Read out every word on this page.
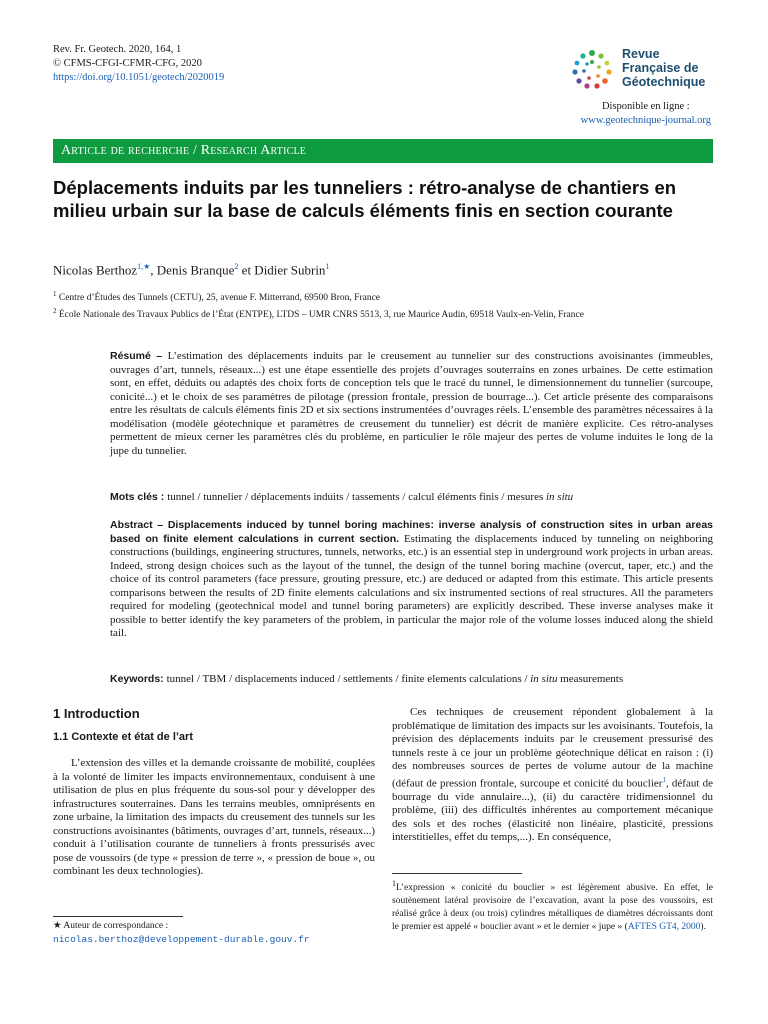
Rev. Fr. Geotech. 2020, 164, 1
© CFMS-CFGI-CFMR-CFG, 2020
https://doi.org/10.1051/geotech/2020019
Revue
Française de
Géotechnique
Disponible en ligne :
www.geotechnique-journal.org
Article de recherche / Research Article
Déplacements induits par les tunneliers : rétro-analyse de chantiers en milieu urbain sur la base de calculs éléments finis en section courante
Nicolas Berthoz$^{1,★}$, Denis Branque$^2$ et Didier Subrin$^1$
$^1$ Centre d’Études des Tunnels (CETU), 25, avenue F. Mitterrand, 69500 Bron, France
$^2$ École Nationale des Travaux Publics de l’État (ENTPE), LTDS – UMR CNRS 5513, 3, rue Maurice Audin, 69518 Vaulx-en-Velin, France
Résumé – L’estimation des déplacements induits par le creusement au tunnelier sur des constructions avoisinantes (immeubles, ouvrages d’art, tunnels, réseaux...) est une étape essentielle des projets d’ouvrages souterrains en zones urbaines. De cette estimation sont, en effet, déduits ou adaptés des choix forts de conception tels que le tracé du tunnel, le dimensionnement du tunnelier (surcoupe, conicité...) et le choix de ses paramètres de pilotage (pression frontale, pression de bourrage...). Cet article présente des comparaisons entre les résultats de calculs éléments finis 2D et six sections instrumentées d’ouvrages réels. L’ensemble des paramètres nécessaires à la modélisation (modèle géotechnique et paramètres de creusement du tunnelier) est décrit de manière explicite. Ces rétro-analyses permettent de mieux cerner les paramètres clés du problème, en particulier le rôle majeur des pertes de volume induites le long de la jupe du tunnelier.
Mots clés : tunnel / tunnelier / déplacements induits / tassements / calcul éléments finis / mesures in situ
Abstract – Displacements induced by tunnel boring machines: inverse analysis of construction sites in urban areas based on finite element calculations in current section. Estimating the displacements induced by tunneling on neighboring constructions (buildings, engineering structures, tunnels, networks, etc.) is an essential step in underground work projects in urban areas. Indeed, strong design choices such as the layout of the tunnel, the design of the tunnel boring machine (overcut, taper, etc.) and the choice of its control parameters (face pressure, grouting pressure, etc.) are deduced or adapted from this estimate. This article presents comparisons between the results of 2D finite elements calculations and six instrumented sections of real structures. All the parameters required for modeling (geotechnical model and tunnel boring parameters) are explicitly described. These inverse analyses make it possible to better identify the key parameters of the problem, in particular the major role of the volume losses induced along the shield tail.
Keywords: tunnel / TBM / displacements induced / settlements / finite elements calculations / in situ measurements
1 Introduction
1.1 Contexte et état de l’art
L’extension des villes et la demande croissante de mobilité, couplées à la volonté de limiter les impacts environnementaux, conduisent à une utilisation de plus en plus fréquente du sous-sol pour y développer des infrastructures souterraines. Dans les terrains meubles, omniprésents en zone urbaine, la limitation des impacts du creusement des tunnels sur les constructions avoisinantes (bâtiments, ouvrages d’art, tunnels, réseaux...) conduit à l’utilisation courante de tunneliers à fronts pressurisés avec pose de voussoirs (de type « pression de terre », « pression de boue », ou combinant les deux technologies).
Ces techniques de creusement répondent globalement à la problématique de limitation des impacts sur les avoisinants. Toutefois, la prévision des déplacements induits par le creusement pressurisé des tunnels reste à ce jour un problème géotechnique délicat en raison : (i) des nombreuses sources de pertes de volume autour de la machine (défaut de pression frontale, surcoupe et conicité du bouclier$^1$, défaut de bourrage du vide annulaire...), (ii) du caractère tridimensionnel du problème, (iii) des difficultés inhérentes au comportement mécanique des sols et des roches (élasticité non linéaire, plasticité, pressions interstitielles, effet du temps,...). En conséquence,
★ Auteur de correspondance :
nicolas.berthoz@developpement-durable.gouv.fr
$^1$L’expression « conicité du bouclier » est légèrement abusive. En effet, le soutènement latéral provisoire de l’excavation, avant la pose des voussoirs, est réalisé grâce à deux (ou trois) cylindres métalliques de diamètres décroissants dont le premier est appelé « bouclier avant » et le dernier « jupe » (AFTES GT4, 2000).
